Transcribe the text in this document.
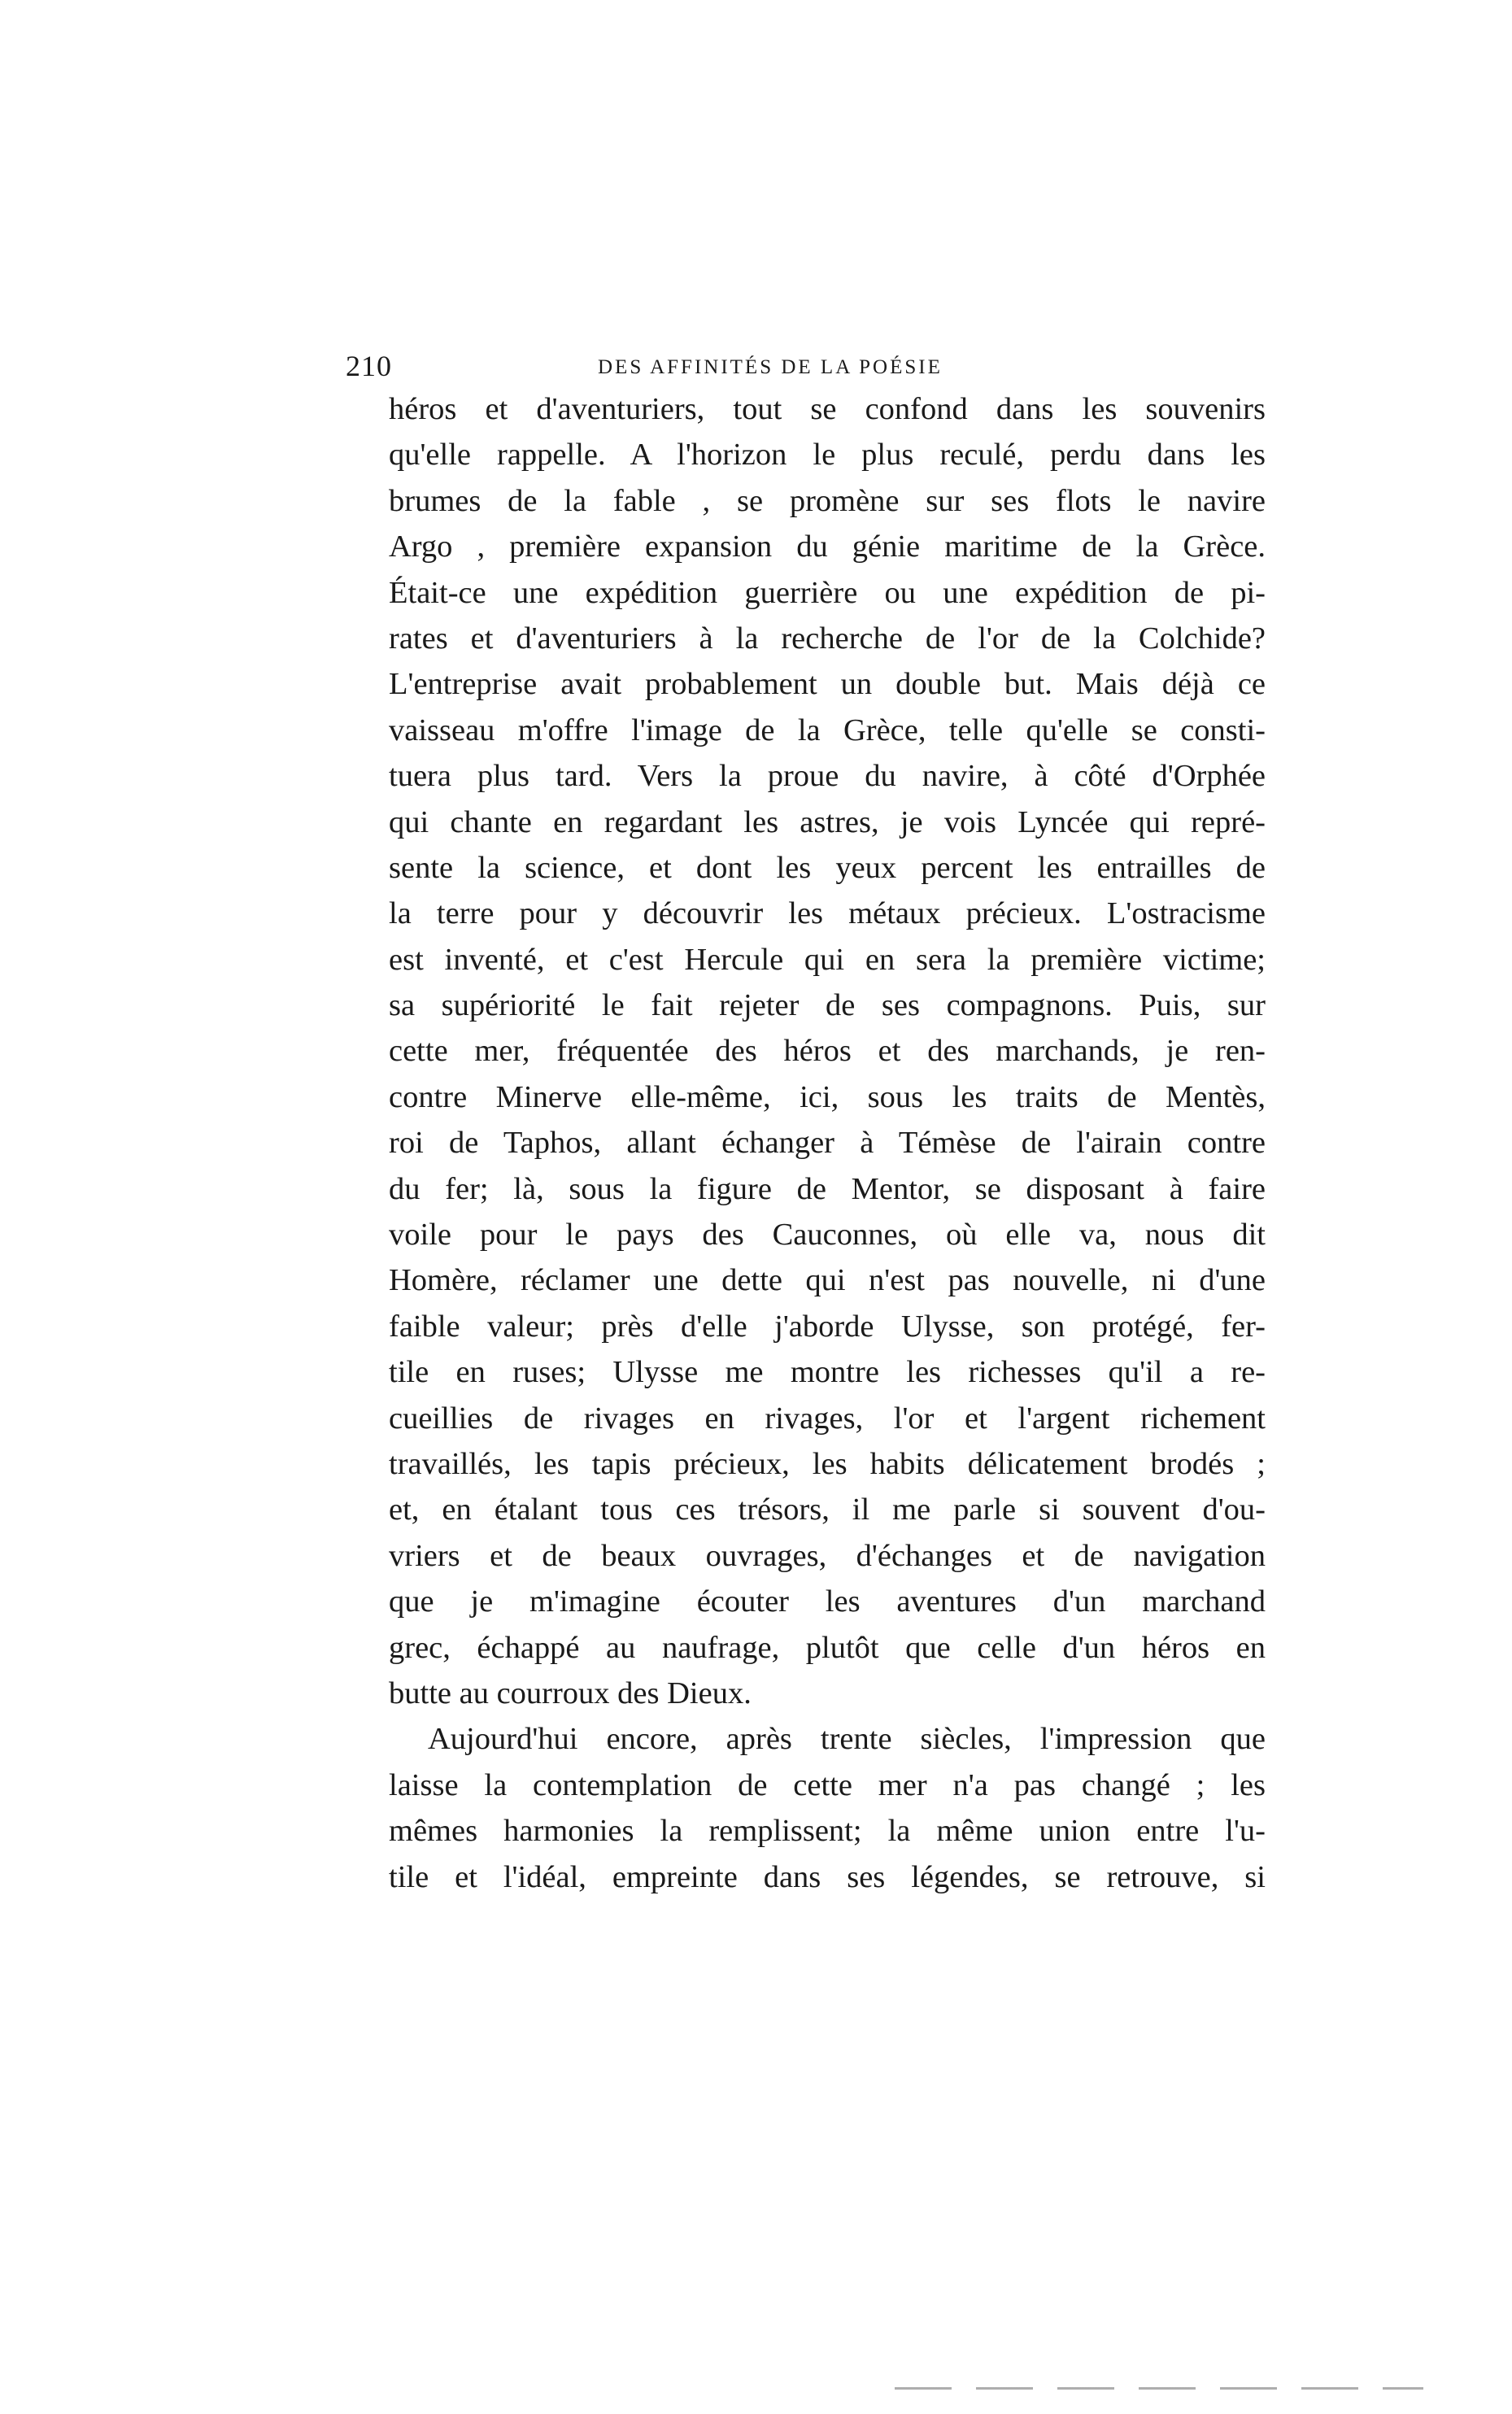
210	DES AFFINITÉS DE LA POÉSIE

héros et d'aventuriers, tout se confond dans les souvenirs
qu'elle rappelle. A l'horizon le plus reculé, perdu dans les
brumes de la fable , se promène sur ses flots le navire
Argo , première expansion du génie maritime de la Grèce.
Était-ce une expédition guerrière ou une expédition de pi-
rates et d'aventuriers à la recherche de l'or de la Colchide?
L'entreprise avait probablement un double but. Mais déjà ce
vaisseau m'offre l'image de la Grèce, telle qu'elle se consti-
tuera plus tard. Vers la proue du navire, à côté d'Orphée
qui chante en regardant les astres, je vois Lyncée qui repré-
sente la science, et dont les yeux percent les entrailles de
la terre pour y découvrir les métaux précieux. L'ostracisme
est inventé, et c'est Hercule qui en sera la première victime;
sa supériorité le fait rejeter de ses compagnons. Puis, sur
cette mer, fréquentée des héros et des marchands, je ren-
contre Minerve elle-même, ici, sous les traits de Mentès,
roi de Taphos, allant échanger à Témèse de l'airain contre
du fer; là, sous la figure de Mentor, se disposant à faire
voile pour le pays des Cauconnes, où elle va, nous dit
Homère, réclamer une dette qui n'est pas nouvelle, ni d'une
faible valeur; près d'elle j'aborde Ulysse, son protégé, fer-
tile en ruses; Ulysse me montre les richesses qu'il a re-
cueillies de rivages en rivages, l'or et l'argent richement
travaillés, les tapis précieux, les habits délicatement brodés ;
et, en étalant tous ces trésors, il me parle si souvent d'ou-
vriers et de beaux ouvrages, d'échanges et de navigation
que je m'imagine écouter les aventures d'un marchand
grec, échappé au naufrage, plutôt que celle d'un héros en
butte au courroux des Dieux.

Aujourd'hui encore, après trente siècles, l'impression que
laisse la contemplation de cette mer n'a pas changé ; les
mêmes harmonies la remplissent; la même union entre l'u-
tile et l'idéal, empreinte dans ses légendes, se retrouve, si
